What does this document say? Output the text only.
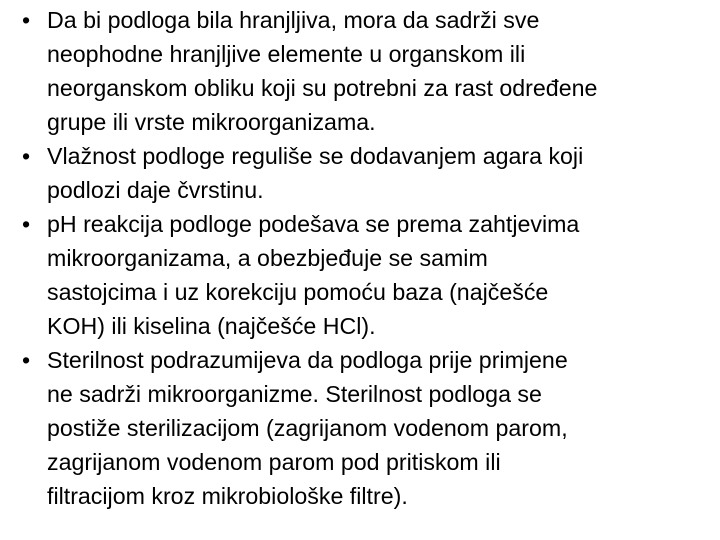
• Da bi podloga bila hranjljiva, mora da sadrži sve
neophodne hranjljive elemente u organskom ili
neorganskom obliku koji su potrebni za rast određene
grupe ili vrste mikroorganizama.
• Vlažnost podloge reguliše se dodavanjem agara koji
podlozi daje čvrstinu.
• pH reakcija podloge podešava se prema zahtjevima
mikroorganizama, a obezbjeđuje se samim
sastojcima i uz korekciju pomoću baza (najčešće
KOH) ili kiselina (najčešće HCl).
• Sterilnost podrazumijeva da podloga prije primjene
ne sadrži mikroorganizme. Sterilnost podloga se
postiže sterilizacijom (zagrijanom vodenom parom,
zagrijanom vodenom parom pod pritiskom ili
filtracijom kroz mikrobiološke filtre).
